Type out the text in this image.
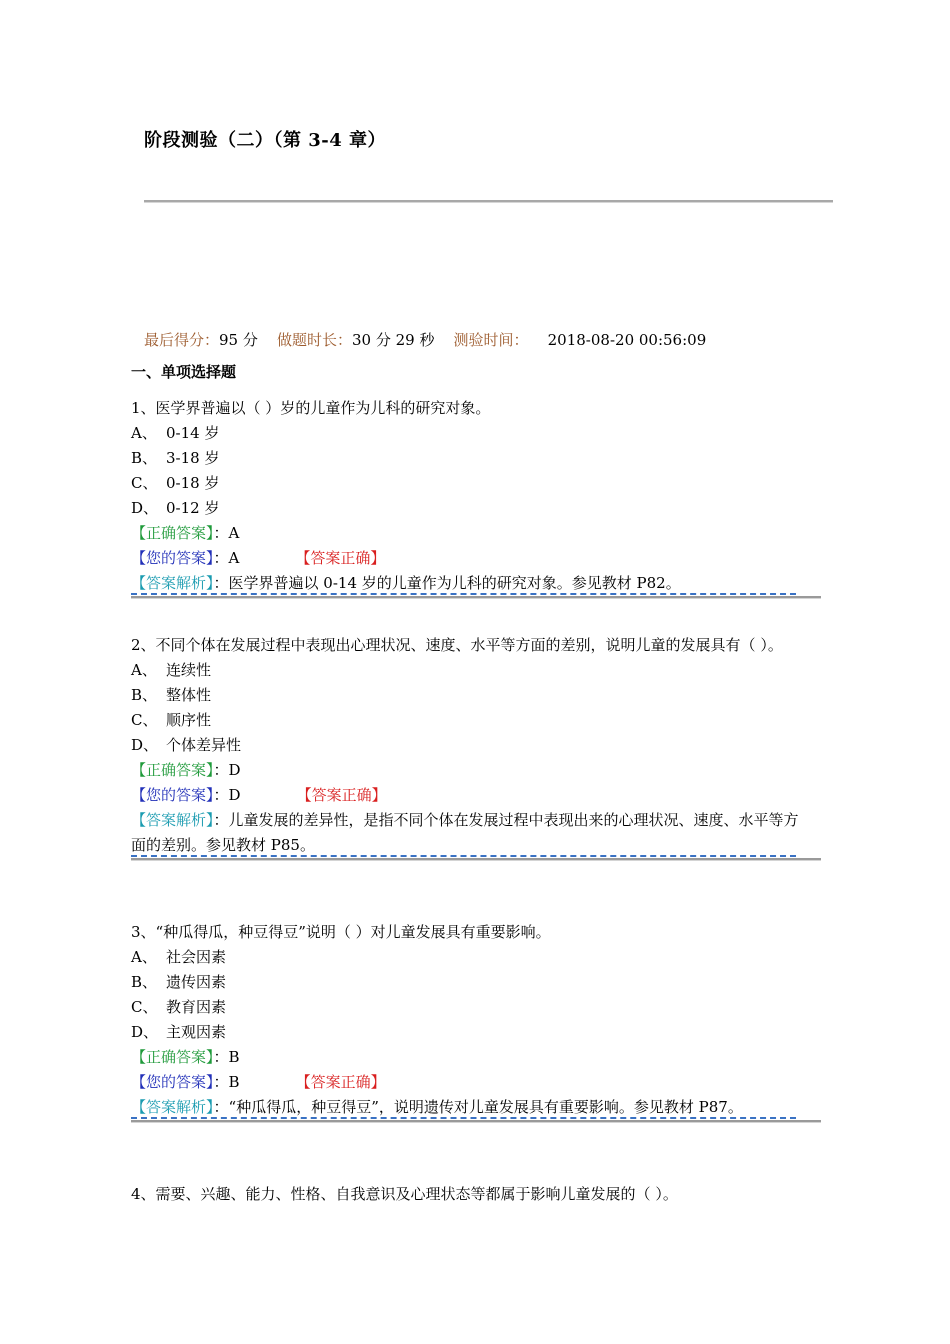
阶段测验（二）（第 3-4 章）
最后得分：95 分 做题时长：30 分 29 秒 测验时间： 2018-08-20 00:56:09
一、单项选择题
1、医学界普遍以（ ）岁的儿童作为儿科的研究对象。
A、 0-14 岁
B、 3-18 岁
C、 0-18 岁
D、 0-12 岁
【正确答案】：A
【您的答案】：A	【答案正确】
【答案解析】：医学界普遍以 0-14 岁的儿童作为儿科的研究对象。参见教材 P82。
2、不同个体在发展过程中表现出心理状况、速度、水平等方面的差别，说明儿童的发展具有（ ）。
A、 连续性
B、 整体性
C、 顺序性
D、 个体差异性
【正确答案】：D
【您的答案】：D	【答案正确】
【答案解析】：儿童发展的差异性，是指不同个体在发展过程中表现出来的心理状况、速度、水平等方面的差别。参见教材 P85。
3、“种瓜得瓜，种豆得豆”说明（ ）对儿童发展具有重要影响。
A、 社会因素
B、 遗传因素
C、 教育因素
D、 主观因素
【正确答案】：B
【您的答案】：B	【答案正确】
【答案解析】：“种瓜得瓜，种豆得豆”，说明遗传对儿童发展具有重要影响。参见教材 P87。
4、需要、兴趣、能力、性格、自我意识及心理状态等都属于影响儿童发展的（ ）。
